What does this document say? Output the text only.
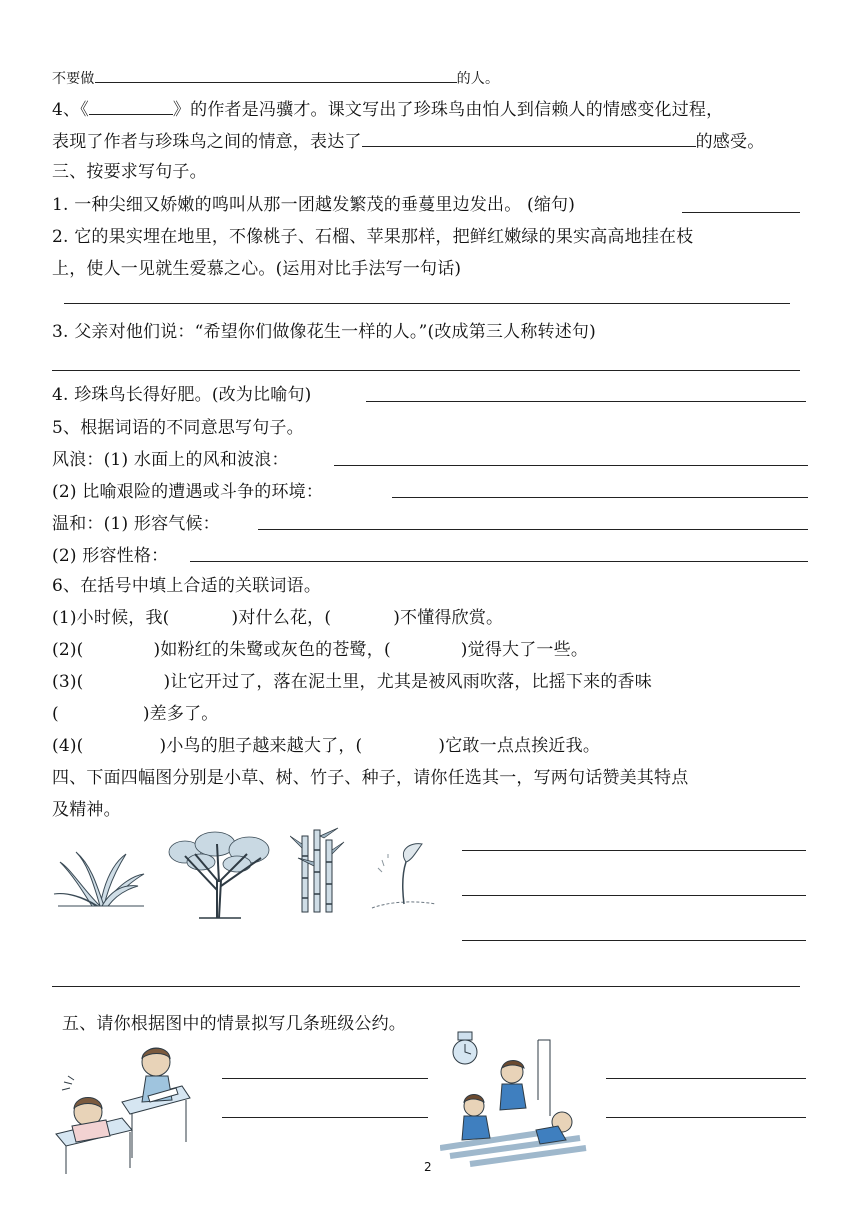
不要做	的人。
4、《	》的作者是冯骥才。课文写出了珍珠鸟由怕人到信赖人的情感变化过程，
表现了作者与珍珠鸟之间的情意，表达了	的感受。
三、按要求写句子。
1. 一种尖细又娇嫩的鸣叫从那一团越发繁茂的垂蔓里边发出。 (缩句)
2. 它的果实埋在地里，不像桃子、石榴、苹果那样，把鲜红嫩绿的果实高高地挂在枝
上，使人一见就生爱慕之心。(运用对比手法写一句话)
3. 父亲对他们说：“希望你们做像花生一样的人。”(改成第三人称转述句)
4. 珍珠鸟长得好肥。(改为比喻句)
5、根据词语的不同意思写句子。
风浪：(1) 水面上的风和波浪：
(2) 比喻艰险的遭遇或斗争的环境：
温和：(1) 形容气候：
(2) 形容性格：
6、在括号中填上合适的关联词语。
(1)小时候，我(	)对什么花，(	)不懂得欣赏。
(2)(	)如粉红的朱鹭或灰色的苍鹭，(	)觉得大了一些。
(3)(	)让它开过了，落在泥土里，尤其是被风雨吹落，比摇下来的香味
(	)差多了。
(4)(	)小鸟的胆子越来越大了，(	)它敢一点点挨近我。
四、下面四幅图分别是小草、树、竹子、种子，请你任选其一，写两句话赞美其特点
及精神。
五、请你根据图中的情景拟写几条班级公约。
2
